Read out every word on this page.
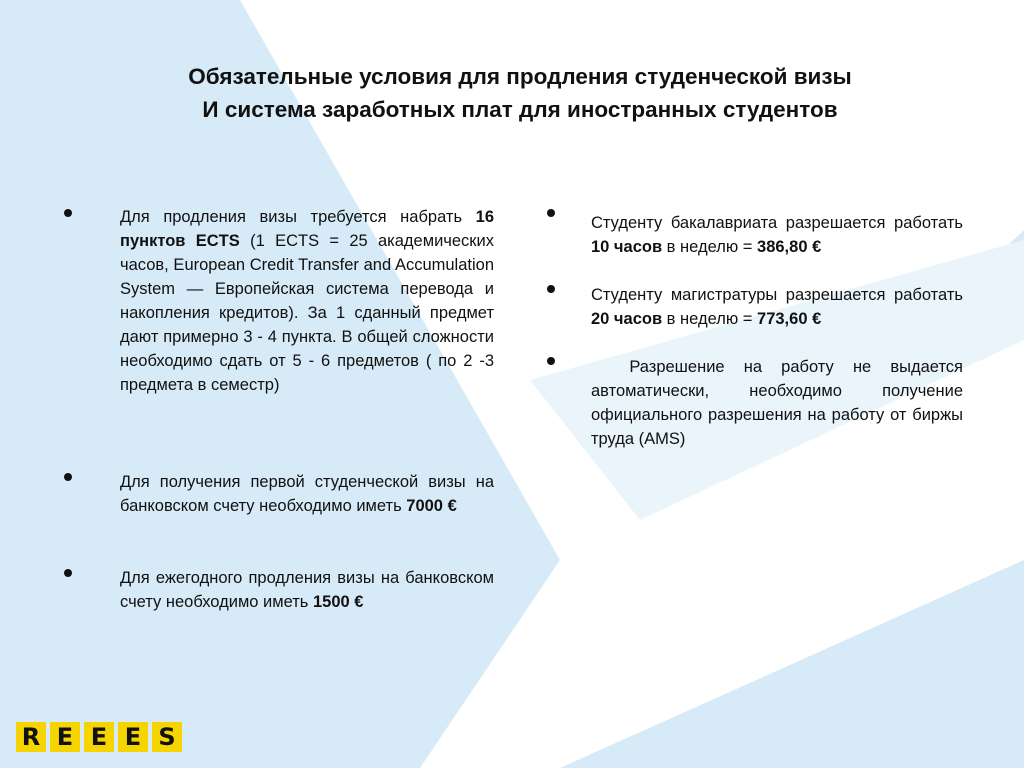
Обязательные условия для продления студенческой визы
И система заработных плат для иностранных студентов
Для продления визы требуется набрать 16 пунктов ECTS (1 ECTS = 25 академических часов, European Credit Transfer and Accumulation System — Европейская система перевода и накопления кредитов). За 1 сданный предмет дают примерно 3 - 4 пункта. В общей сложности необходимо сдать от 5 - 6 предметов ( по 2 -3 предмета в семестр)
Для получения первой студенческой визы на банковском счету необходимо иметь 7000 €
Для ежегодного продления визы на банковском счету необходимо иметь 1500 €
Студенту бакалавриата разрешается работать 10 часов в неделю = 386,80 €
Студенту магистратуры разрешается работать 20 часов в неделю = 773,60 €
Разрешение на работу не выдается автоматически, необходимо получение официального разрешения на работу от биржы труда (AMS)
R E E E S
